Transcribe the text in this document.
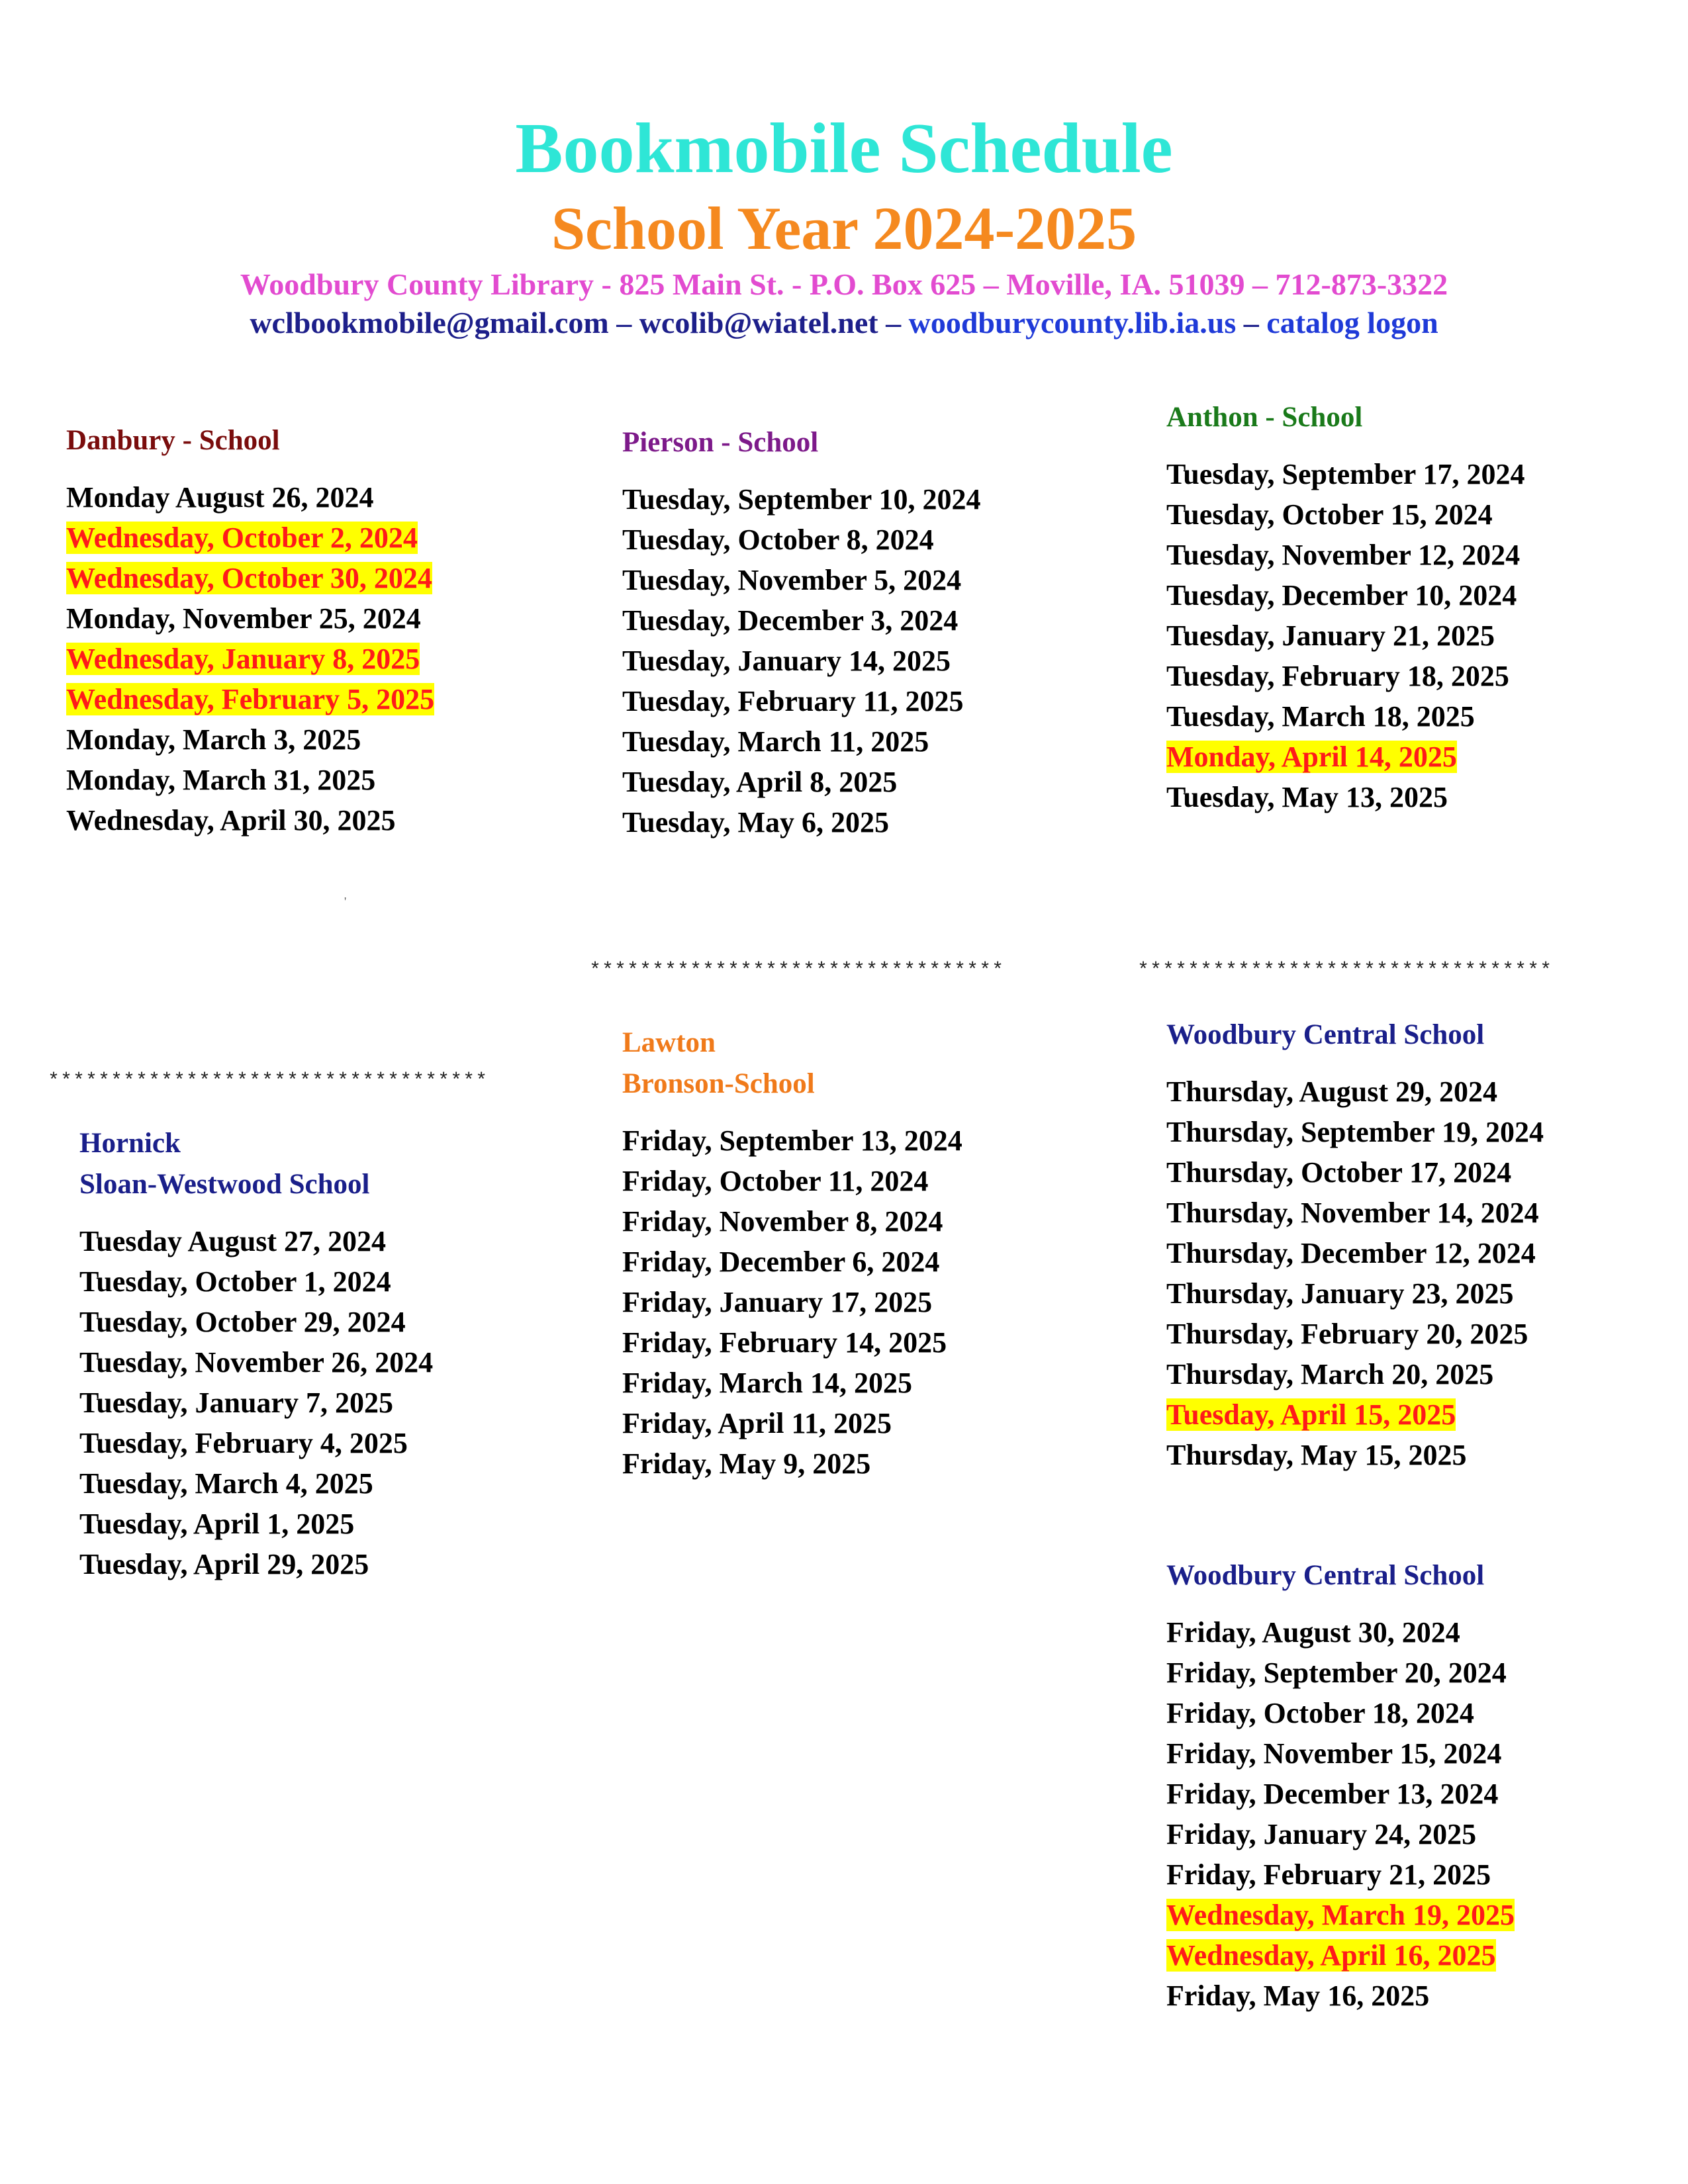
Bookmobile Schedule
School Year 2024-2025
Woodbury County Library - 825 Main St. - P.O. Box 625 – Moville, IA. 51039 – 712-873-3322
wclbookmobile@gmail.com – wcolib@wiatel.net – woodburycounty.lib.ia.us – catalog logon
*********************************	*********************************
***********************************
'
Danbury - School
Monday August 26, 2024
Wednesday, October 2, 2024
Wednesday, October 30, 2024
Monday, November 25, 2024
Wednesday, January 8, 2025
Wednesday, February 5, 2025
Monday, March 3, 2025
Monday, March 31, 2025
Wednesday, April 30, 2025
Pierson - School
Tuesday, September 10, 2024
Tuesday, October 8, 2024
Tuesday, November 5, 2024
Tuesday, December 3, 2024
Tuesday, January 14, 2025
Tuesday, February 11, 2025
Tuesday, March 11, 2025
Tuesday, April 8, 2025
Tuesday, May 6, 2025
Anthon - School
Tuesday, September 17, 2024
Tuesday, October 15, 2024
Tuesday, November 12, 2024
Tuesday, December 10, 2024
Tuesday, January 21, 2025
Tuesday, February 18, 2025
Tuesday, March 18, 2025
Monday, April 14, 2025
Tuesday, May 13, 2025
Hornick
Sloan-Westwood School
Tuesday August 27, 2024
Tuesday, October 1, 2024
Tuesday, October 29, 2024
Tuesday, November 26, 2024
Tuesday, January 7, 2025
Tuesday, February 4, 2025
Tuesday, March 4, 2025
Tuesday, April 1, 2025
Tuesday, April 29, 2025
Lawton
Bronson-School
Friday, September 13, 2024
Friday, October 11, 2024
Friday, November 8, 2024
Friday, December 6, 2024
Friday, January 17, 2025
Friday, February 14, 2025
Friday, March 14, 2025
Friday, April 11, 2025
Friday, May 9, 2025
Woodbury Central School
Thursday, August 29, 2024
Thursday, September 19, 2024
Thursday, October 17, 2024
Thursday, November 14, 2024
Thursday, December 12, 2024
Thursday, January 23, 2025
Thursday, February 20, 2025
Thursday, March 20, 2025
Tuesday, April 15, 2025
Thursday, May 15, 2025
Woodbury Central School
Friday, August 30, 2024
Friday, September 20, 2024
Friday, October 18, 2024
Friday, November 15, 2024
Friday, December 13, 2024
Friday, January 24, 2025
Friday, February 21, 2025
Wednesday, March 19, 2025
Wednesday, April 16, 2025
Friday, May 16, 2025
